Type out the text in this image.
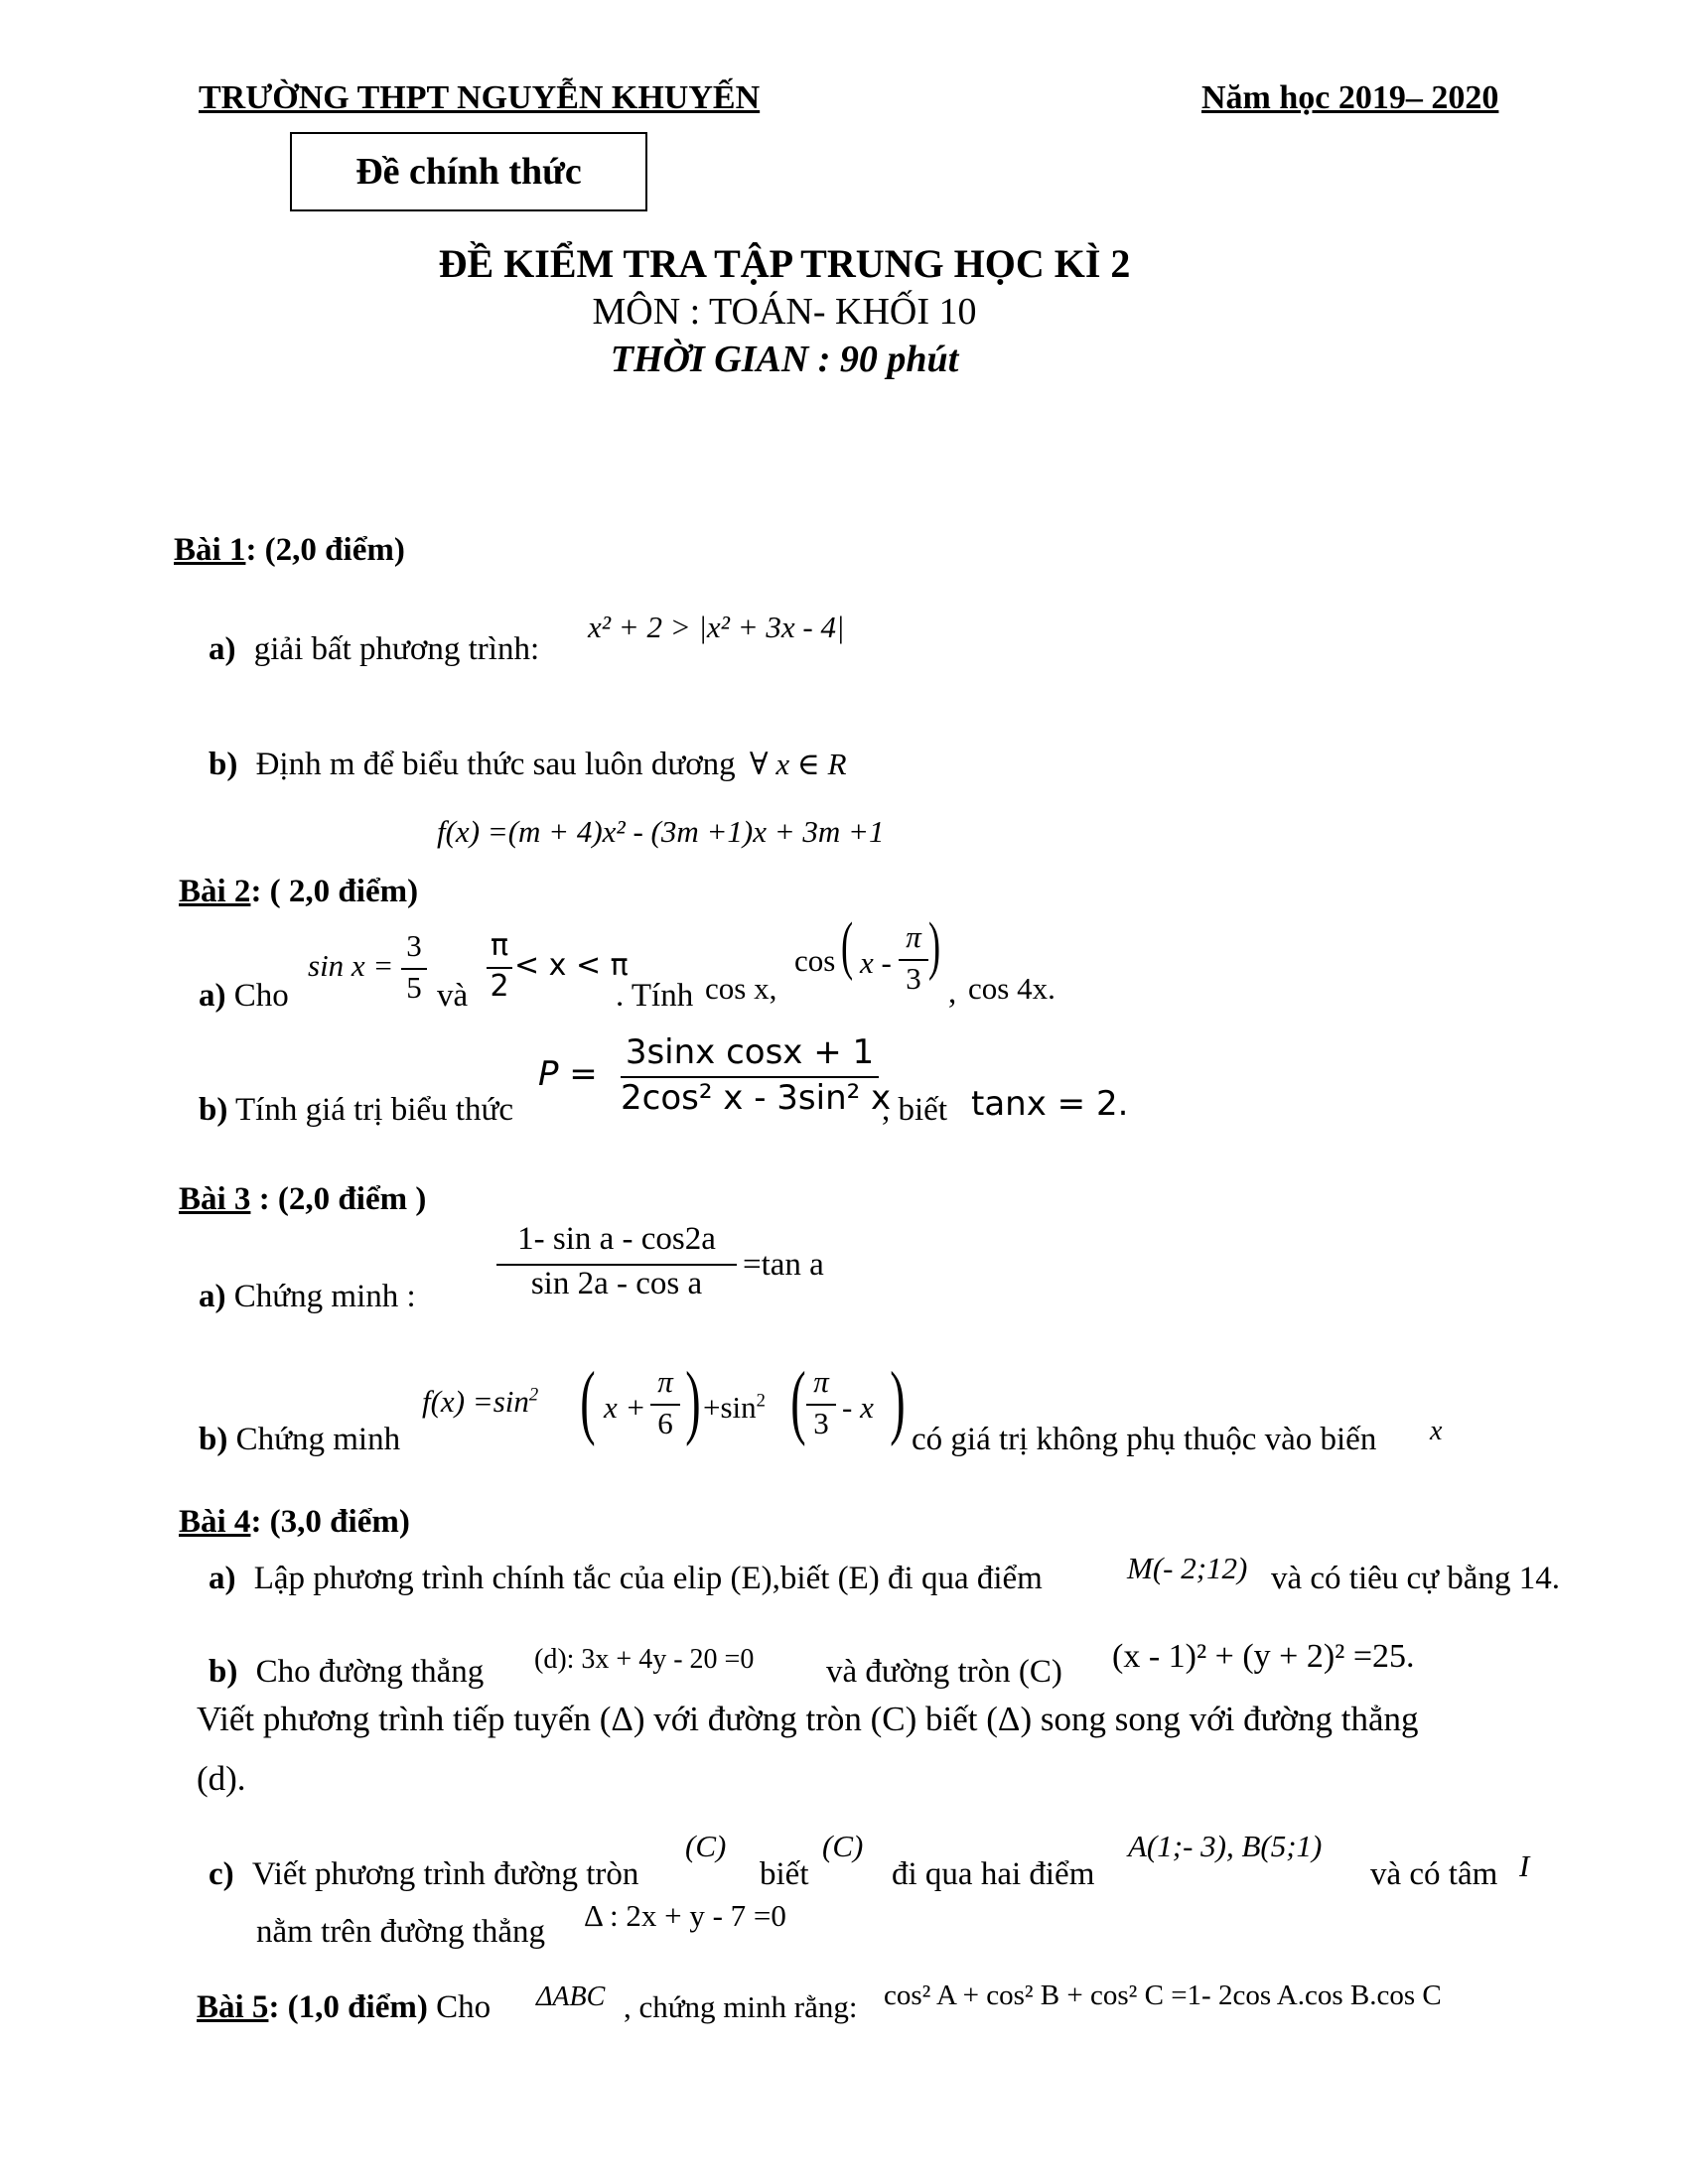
TRƯỜNG THPT NGUYỄN KHUYẾN	Năm học 2019– 2020
Đề chính thức
ĐỀ KIỂM TRA TẬP TRUNG HỌC KÌ 2
MÔN : TOÁN- KHỐI 10
THỜI GIAN : 90 phút
Bài 1: (2,0 điểm)
a) giải bất phương trình:
x² + 2 > |x² + 3x - 4|
b) Định m để biểu thức sau luôn dương ∀ x ∈ R
f(x) =(m + 4)x² - (3m +1)x + 3m +1
Bài 2: ( 2,0 điểm)
a) Cho
$\sin x = \frac{3}{5}$ và $\frac{\pi}{2} < x < \pi$
. Tính cos x,
cos ( x - $\frac{\pi}{3}$ )
, cos 4x.
b) Tính giá trị biểu thức
$P = \frac{\text{3sinx cosx + 1}}{\text{2cos² x - 3sin² x}}$ , biết tanx = 2.
Bài 3 : (2,0 điểm )
a) Chứng minh : $\frac{\text{1- sin a - cos2a}}{\text{sin 2a - cos a}} =\tan$ a
b) Chứng minh
$f(x) =\sin^2$ ( $x + \frac{\pi}{6}$ ) $+\sin^2$ ( $\frac{\pi}{3}$ - x ) có giá trị không phụ thuộc vào biến x
Bài 4: (3,0 điểm)
a) Lập phương trình chính tắc của elip (E),biết (E) đi qua điểm	M(- 2;12) và có tiêu cự bằng 14.
b) Cho đường thẳng (d): 3x + 4y - 20 =0 và đường tròn (C) (x - 1)² + (y + 2)² =25.
Viết phương trình tiếp tuyến (Δ) với đường tròn (C) biết (Δ) song song với đường thẳng
(d).
c) Viết phương trình đường tròn
(C)
biết
(C)
đi qua hai điểm
A(1;- 3), B(5;1)
và có tâm I
nằm trên đường thẳng Δ : 2x + y - 7 =0
Bài 5: (1,0 điểm) Cho ΔABC , chứng minh rằng: cos² A + cos² B + cos² C =1- 2cos A.cos B.cos C
